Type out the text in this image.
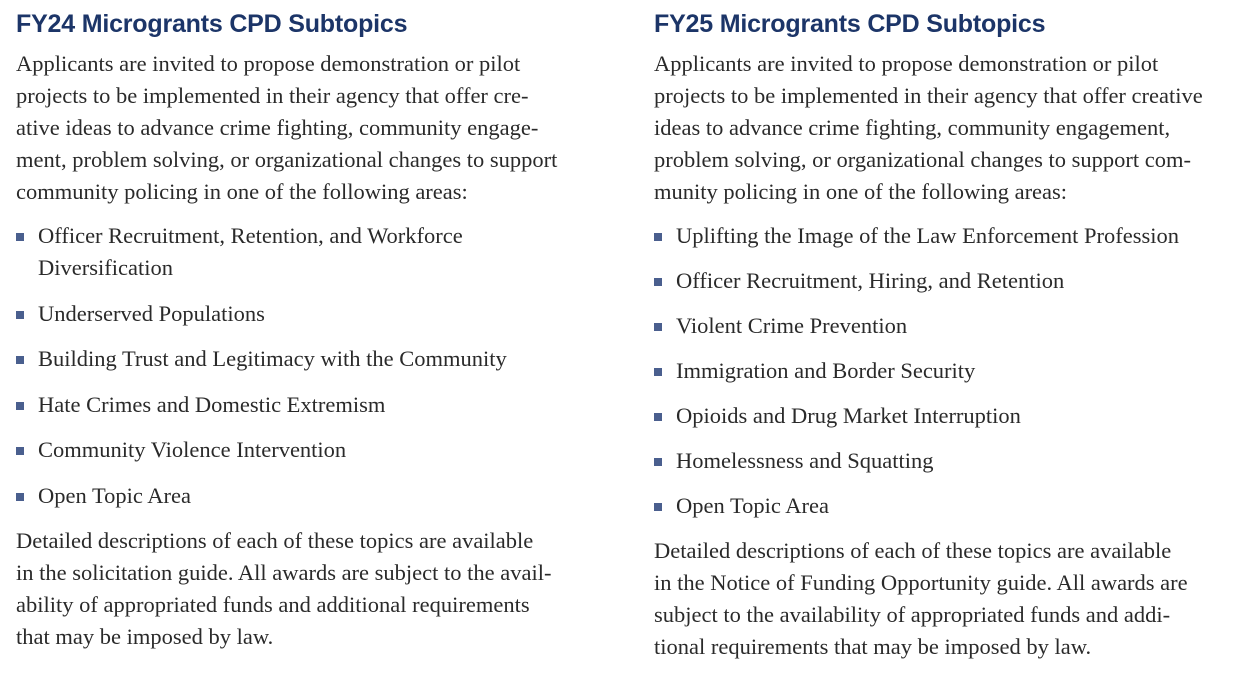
FY24 Microgrants CPD Subtopics

Applicants are invited to propose demonstration or pilot
projects to be implemented in their agency that offer cre-
ative ideas to advance crime fighting, community engage-
ment, problem solving, or organizational changes to support
community policing in one of the following areas:

Officer Recruitment, Retention, and Workforce
Diversification
Underserved Populations
Building Trust and Legitimacy with the Community
Hate Crimes and Domestic Extremism
Community Violence Intervention
Open Topic Area

Detailed descriptions of each of these topics are available
in the solicitation guide. All awards are subject to the avail-
ability of appropriated funds and additional requirements
that may be imposed by law.

FY25 Microgrants CPD Subtopics

Applicants are invited to propose demonstration or pilot
projects to be implemented in their agency that offer creative
ideas to advance crime fighting, community engagement,
problem solving, or organizational changes to support com-
munity policing in one of the following areas:

Uplifting the Image of the Law Enforcement Profession
Officer Recruitment, Hiring, and Retention
Violent Crime Prevention
Immigration and Border Security
Opioids and Drug Market Interruption
Homelessness and Squatting
Open Topic Area

Detailed descriptions of each of these topics are available
in the Notice of Funding Opportunity guide. All awards are
subject to the availability of appropriated funds and addi-
tional requirements that may be imposed by law.
